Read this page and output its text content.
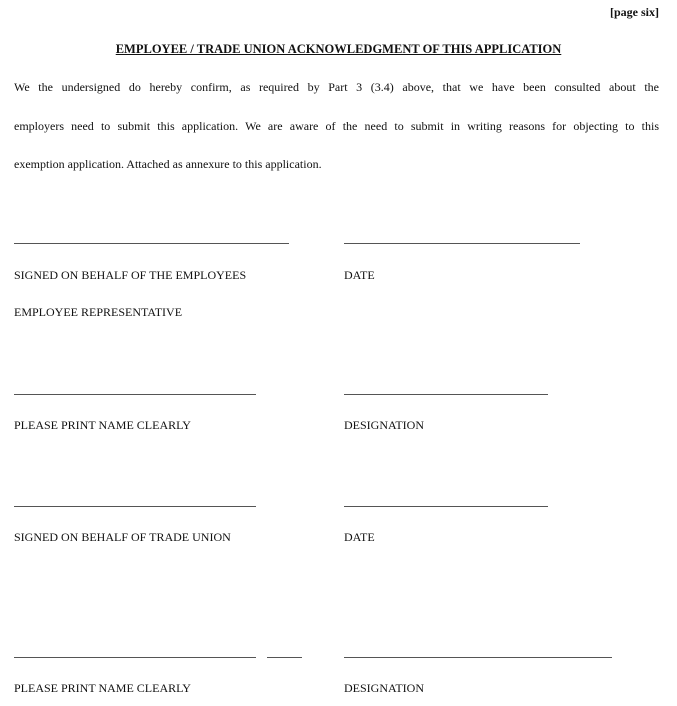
[page six]
EMPLOYEE / TRADE UNION ACKNOWLEDGMENT OF THIS APPLICATION
We the undersigned do hereby confirm, as required by Part 3 (3.4) above, that we have been consulted about the
employers need to submit this application. We are aware of the need to submit in writing reasons for objecting to this
exemption application. Attached as annexure to this application.
SIGNED ON BEHALF OF THE EMPLOYEES	DATE
EMPLOYEE REPRESENTATIVE
PLEASE PRINT NAME CLEARLY	DESIGNATION
SIGNED ON BEHALF OF TRADE UNION	DATE
PLEASE PRINT NAME CLEARLY	DESIGNATION
